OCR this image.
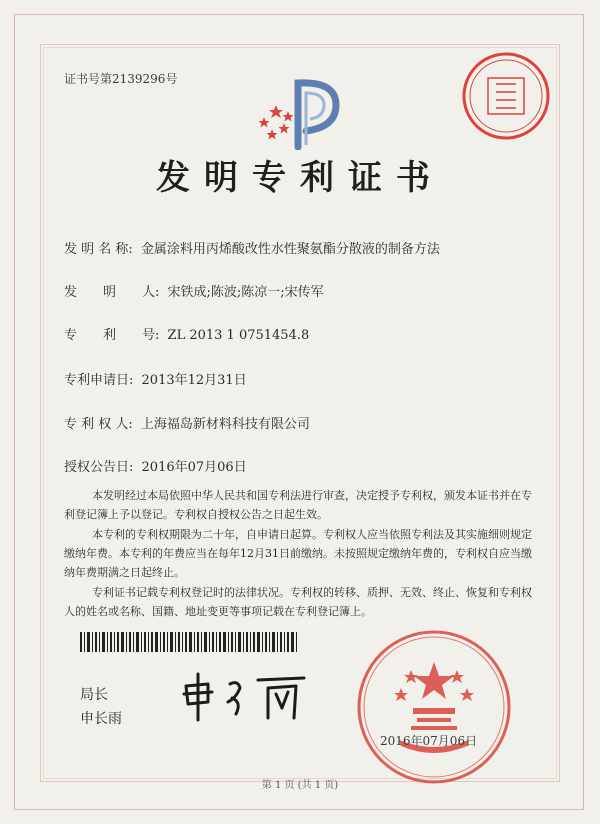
证书号第2139296号
发明专利证书
发 明 名 称: 金属涂料用丙烯酸改性水性聚氨酯分散液的制备方法
发　　明　　人: 宋铁成;陈波;陈凉一;宋传军
专　　利　　号: ZL 2013 1 0751454.8
专利申请日: 2013年12月31日
专 利 权 人: 上海福岛新材料科技有限公司
授权公告日: 2016年07月06日
本发明经过本局依照中华人民共和国专利法进行审查，决定授予专利权，颁发本证书并在专利登记簿上予以登记。专利权自授权公告之日起生效。
本专利的专利权期限为二十年，自申请日起算。专利权人应当依照专利法及其实施细则规定缴纳年费。本专利的年费应当在每年12月31日前缴纳。未按照规定缴纳年费的，专利权自应当缴纳年费期满之日起终止。
专利证书记载专利权登记时的法律状况。专利权的转移、质押、无效、终止、恢复和专利权人的姓名或名称、国籍、地址变更等事项记载在专利登记簿上。
局长
申长雨
2016年07月06日
第 1 页 (共 1 页)
